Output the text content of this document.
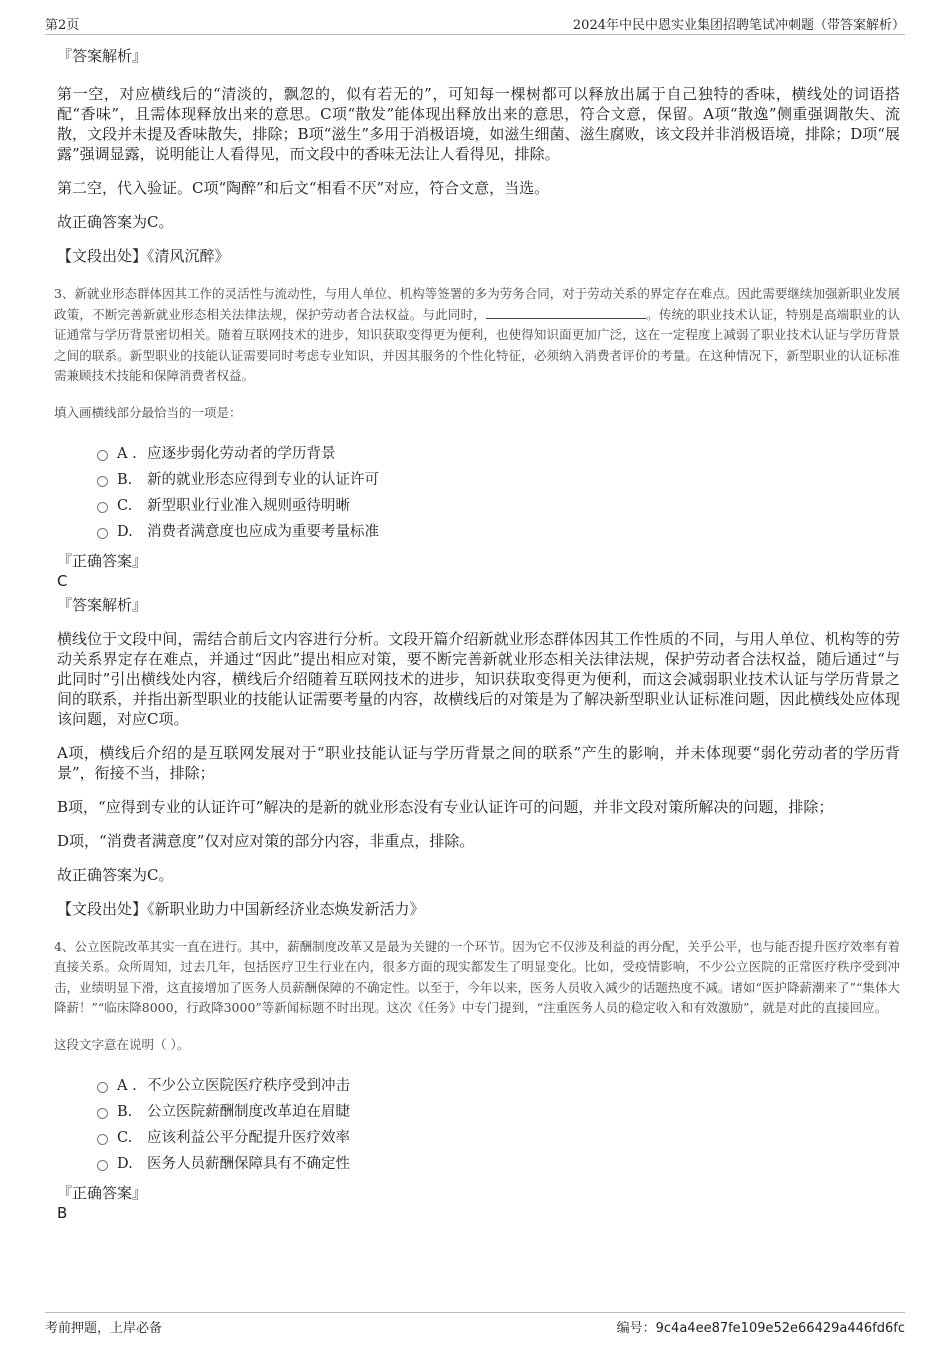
第2页	2024年中民中恩实业集团招聘笔试冲刺题（带答案解析）

『答案解析』

第一空，对应横线后的“清淡的，飘忽的，似有若无的”，可知每一棵树都可以释放出属于自己独特的香味，横线处的词语搭配“香味”，且需体现释放出来的意思。C项“散发”能体现出释放出来的意思，符合文意，保留。A项“散逸”侧重强调散失、流散，文段并未提及香味散失，排除；B项“滋生”多用于消极语境，如滋生细菌、滋生腐败，该文段并非消极语境，排除；D项“展露”强调显露，说明能让人看得见，而文段中的香味无法让人看得见，排除。

第二空，代入验证。C项“陶醉”和后文“相看不厌”对应，符合文意，当选。

故正确答案为C。

【文段出处】《清风沉醉》

3、新就业形态群体因其工作的灵活性与流动性，与用人单位、机构等签署的多为劳务合同，对于劳动关系的界定存在难点。因此需要继续加强新职业发展政策，不断完善新就业形态相关法律法规，保护劳动者合法权益。与此同时，	。传统的职业技术认证，特别是高端职业的认证通常与学历背景密切相关。随着互联网技术的进步，知识获取变得更为便利，也使得知识面更加广泛，这在一定程度上减弱了职业技术认证与学历背景之间的联系。新型职业的技能认证需要同时考虑专业知识，并因其服务的个性化特征，必须纳入消费者评价的考量。在这种情况下，新型职业的认证标准需兼顾技术技能和保障消费者权益。

填入画横线部分最恰当的一项是：

A . 应逐步弱化劳动者的学历背景
B.	新的就业形态应得到专业的认证许可
C.	新型职业行业准入规则亟待明晰
D. 消费者满意度也应成为重要考量标准

『正确答案』

C

『答案解析』

横线位于文段中间，需结合前后文内容进行分析。文段开篇介绍新就业形态群体因其工作性质的不同，与用人单位、机构等的劳动关系界定存在难点，并通过“因此”提出相应对策，要不断完善新就业形态相关法律法规，保护劳动者合法权益，随后通过“与此同时”引出横线处内容，横线后介绍随着互联网技术的进步，知识获取变得更为便利，而这会减弱职业技术认证与学历背景之间的联系，并指出新型职业的技能认证需要考量的内容，故横线后的对策是为了解决新型职业认证标准问题，因此横线处应体现该问题，对应C项。

A项，横线后介绍的是互联网发展对于“职业技能认证与学历背景之间的联系”产生的影响，并未体现要“弱化劳动者的学历背景”，衔接不当，排除；

B项，“应得到专业的认证许可”解决的是新的就业形态没有专业认证许可的问题，并非文段对策所解决的问题，排除；

D项，“消费者满意度”仅对应对策的部分内容，非重点，排除。

故正确答案为C。

【文段出处】《新职业助力中国新经济业态焕发新活力》

4、公立医院改革其实一直在进行。其中，薪酬制度改革又是最为关键的一个环节。因为它不仅涉及利益的再分配，关乎公平，也与能否提升医疗效率有着直接关系。众所周知，过去几年，包括医疗卫生行业在内，很多方面的现实都发生了明显变化。比如，受疫情影响，不少公立医院的正常医疗秩序受到冲击，业绩明显下滑，这直接增加了医务人员薪酬保障的不确定性。以至于，今年以来，医务人员收入减少的话题热度不减。诸如“医护降薪潮来了”“集体大降薪！”“临床降8000，行政降3000”等新闻标题不时出现。这次《任务》中专门提到，“注重医务人员的稳定收入和有效激励”，就是对此的直接回应。

这段文字意在说明（ ）。

A . 不少公立医院医疗秩序受到冲击
B.	公立医院薪酬制度改革迫在眉睫
C.	应该利益公平分配提升医疗效率
D. 医务人员薪酬保障具有不确定性

『正确答案』

B

考前押题，上岸必备	编号：9c4a4ee87fe109e52e66429a446fd6fc
